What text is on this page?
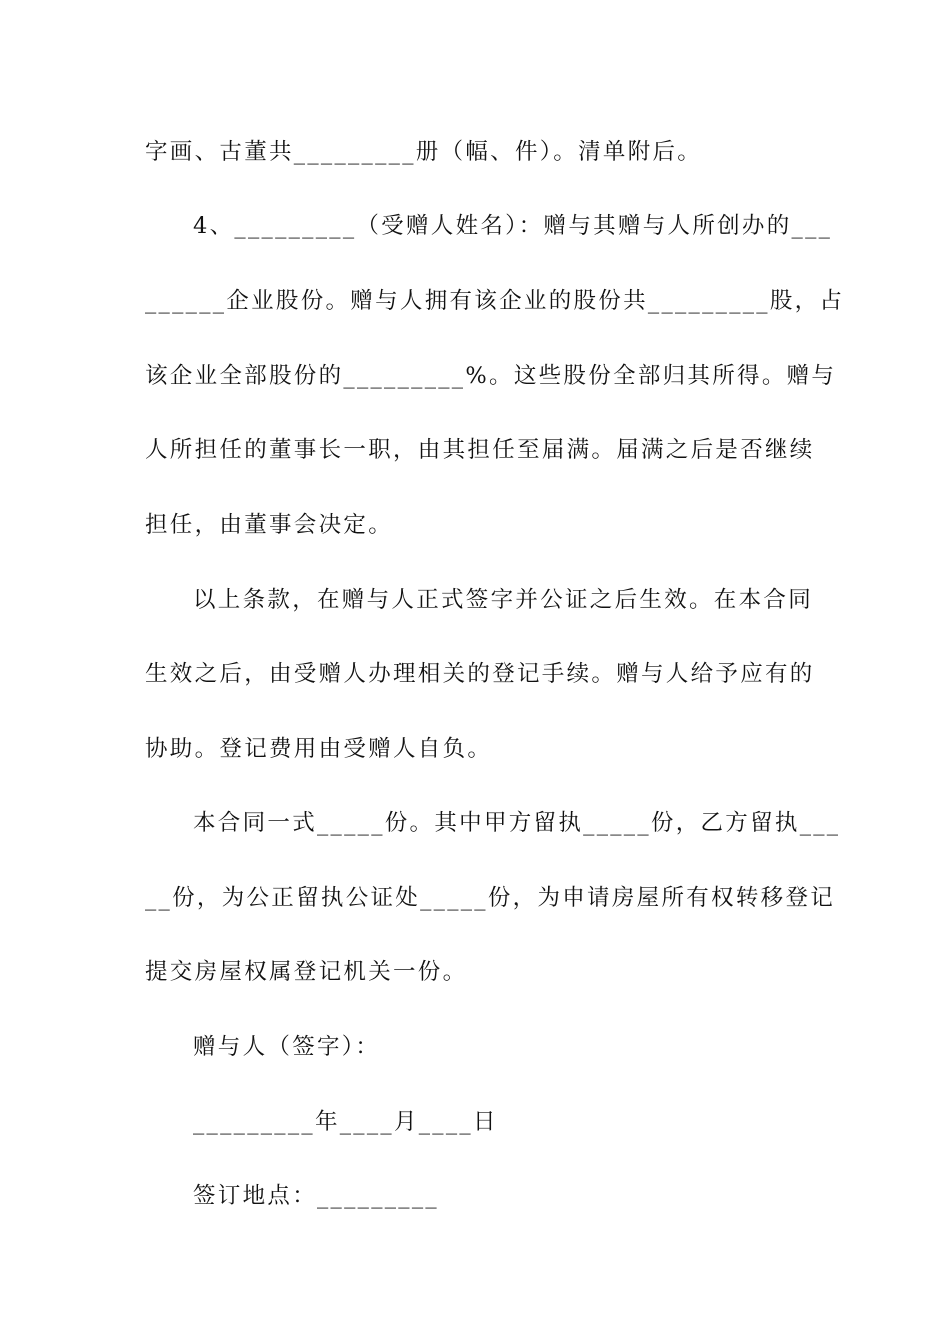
字画、古董共_________册（幅、件）。清单附后。
4、_________（受赠人姓名）：赠与其赠与人所创办的___
______企业股份。赠与人拥有该企业的股份共_________股，占
该企业全部股份的_________%。这些股份全部归其所得。赠与
人所担任的董事长一职，由其担任至届满。届满之后是否继续
担任，由董事会决定。
以上条款，在赠与人正式签字并公证之后生效。在本合同
生效之后，由受赠人办理相关的登记手续。赠与人给予应有的
协助。登记费用由受赠人自负。
本合同一式_____份。其中甲方留执_____份，乙方留执___
__份，为公正留执公证处_____份，为申请房屋所有权转移登记
提交房屋权属登记机关一份。
赠与人（签字）：
_________年____月____日
签订地点：_________
